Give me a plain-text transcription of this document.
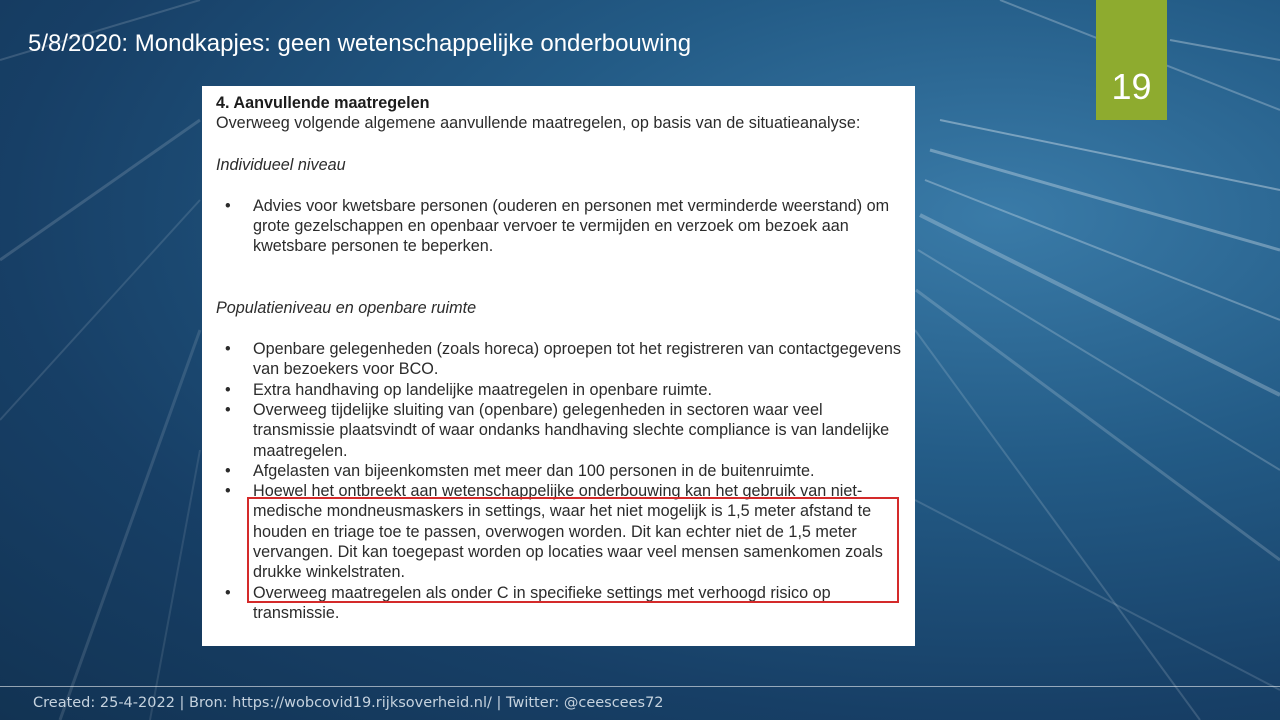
5/8/2020: Mondkapjes: geen wetenschappelijke onderbouwing
19

4. Aanvullende maatregelen

Overweeg volgende algemene aanvullende maatregelen, op basis van de situatieanalyse:

Individueel niveau

• Advies voor kwetsbare personen (ouderen en personen met verminderde weerstand) om grote gezelschappen en openbaar vervoer te vermijden en verzoek om bezoek aan kwetsbare personen te beperken.

Populatieniveau en openbare ruimte

• Openbare gelegenheden (zoals horeca) oproepen tot het registreren van contactgegevens van bezoekers voor BCO.
• Extra handhaving op landelijke maatregelen in openbare ruimte.
• Overweeg tijdelijke sluiting van (openbare) gelegenheden in sectoren waar veel transmissie plaatsvindt of waar ondanks handhaving slechte compliance is van landelijke maatregelen.
• Afgelasten van bijeenkomsten met meer dan 100 personen in de buitenruimte.
• Hoewel het ontbreekt aan wetenschappelijke onderbouwing kan het gebruik van niet-medische mondneusmaskers in settings, waar het niet mogelijk is 1,5 meter afstand te houden en triage toe te passen, overwogen worden. Dit kan echter niet de 1,5 meter vervangen. Dit kan toegepast worden op locaties waar veel mensen samenkomen zoals drukke winkelstraten.
• Overweeg maatregelen als onder C in specifieke settings met verhoogd risico op transmissie.
Created: 25-4-2022 | Bron: https://wobcovid19.rijksoverheid.nl/ | Twitter: @ceescees72
